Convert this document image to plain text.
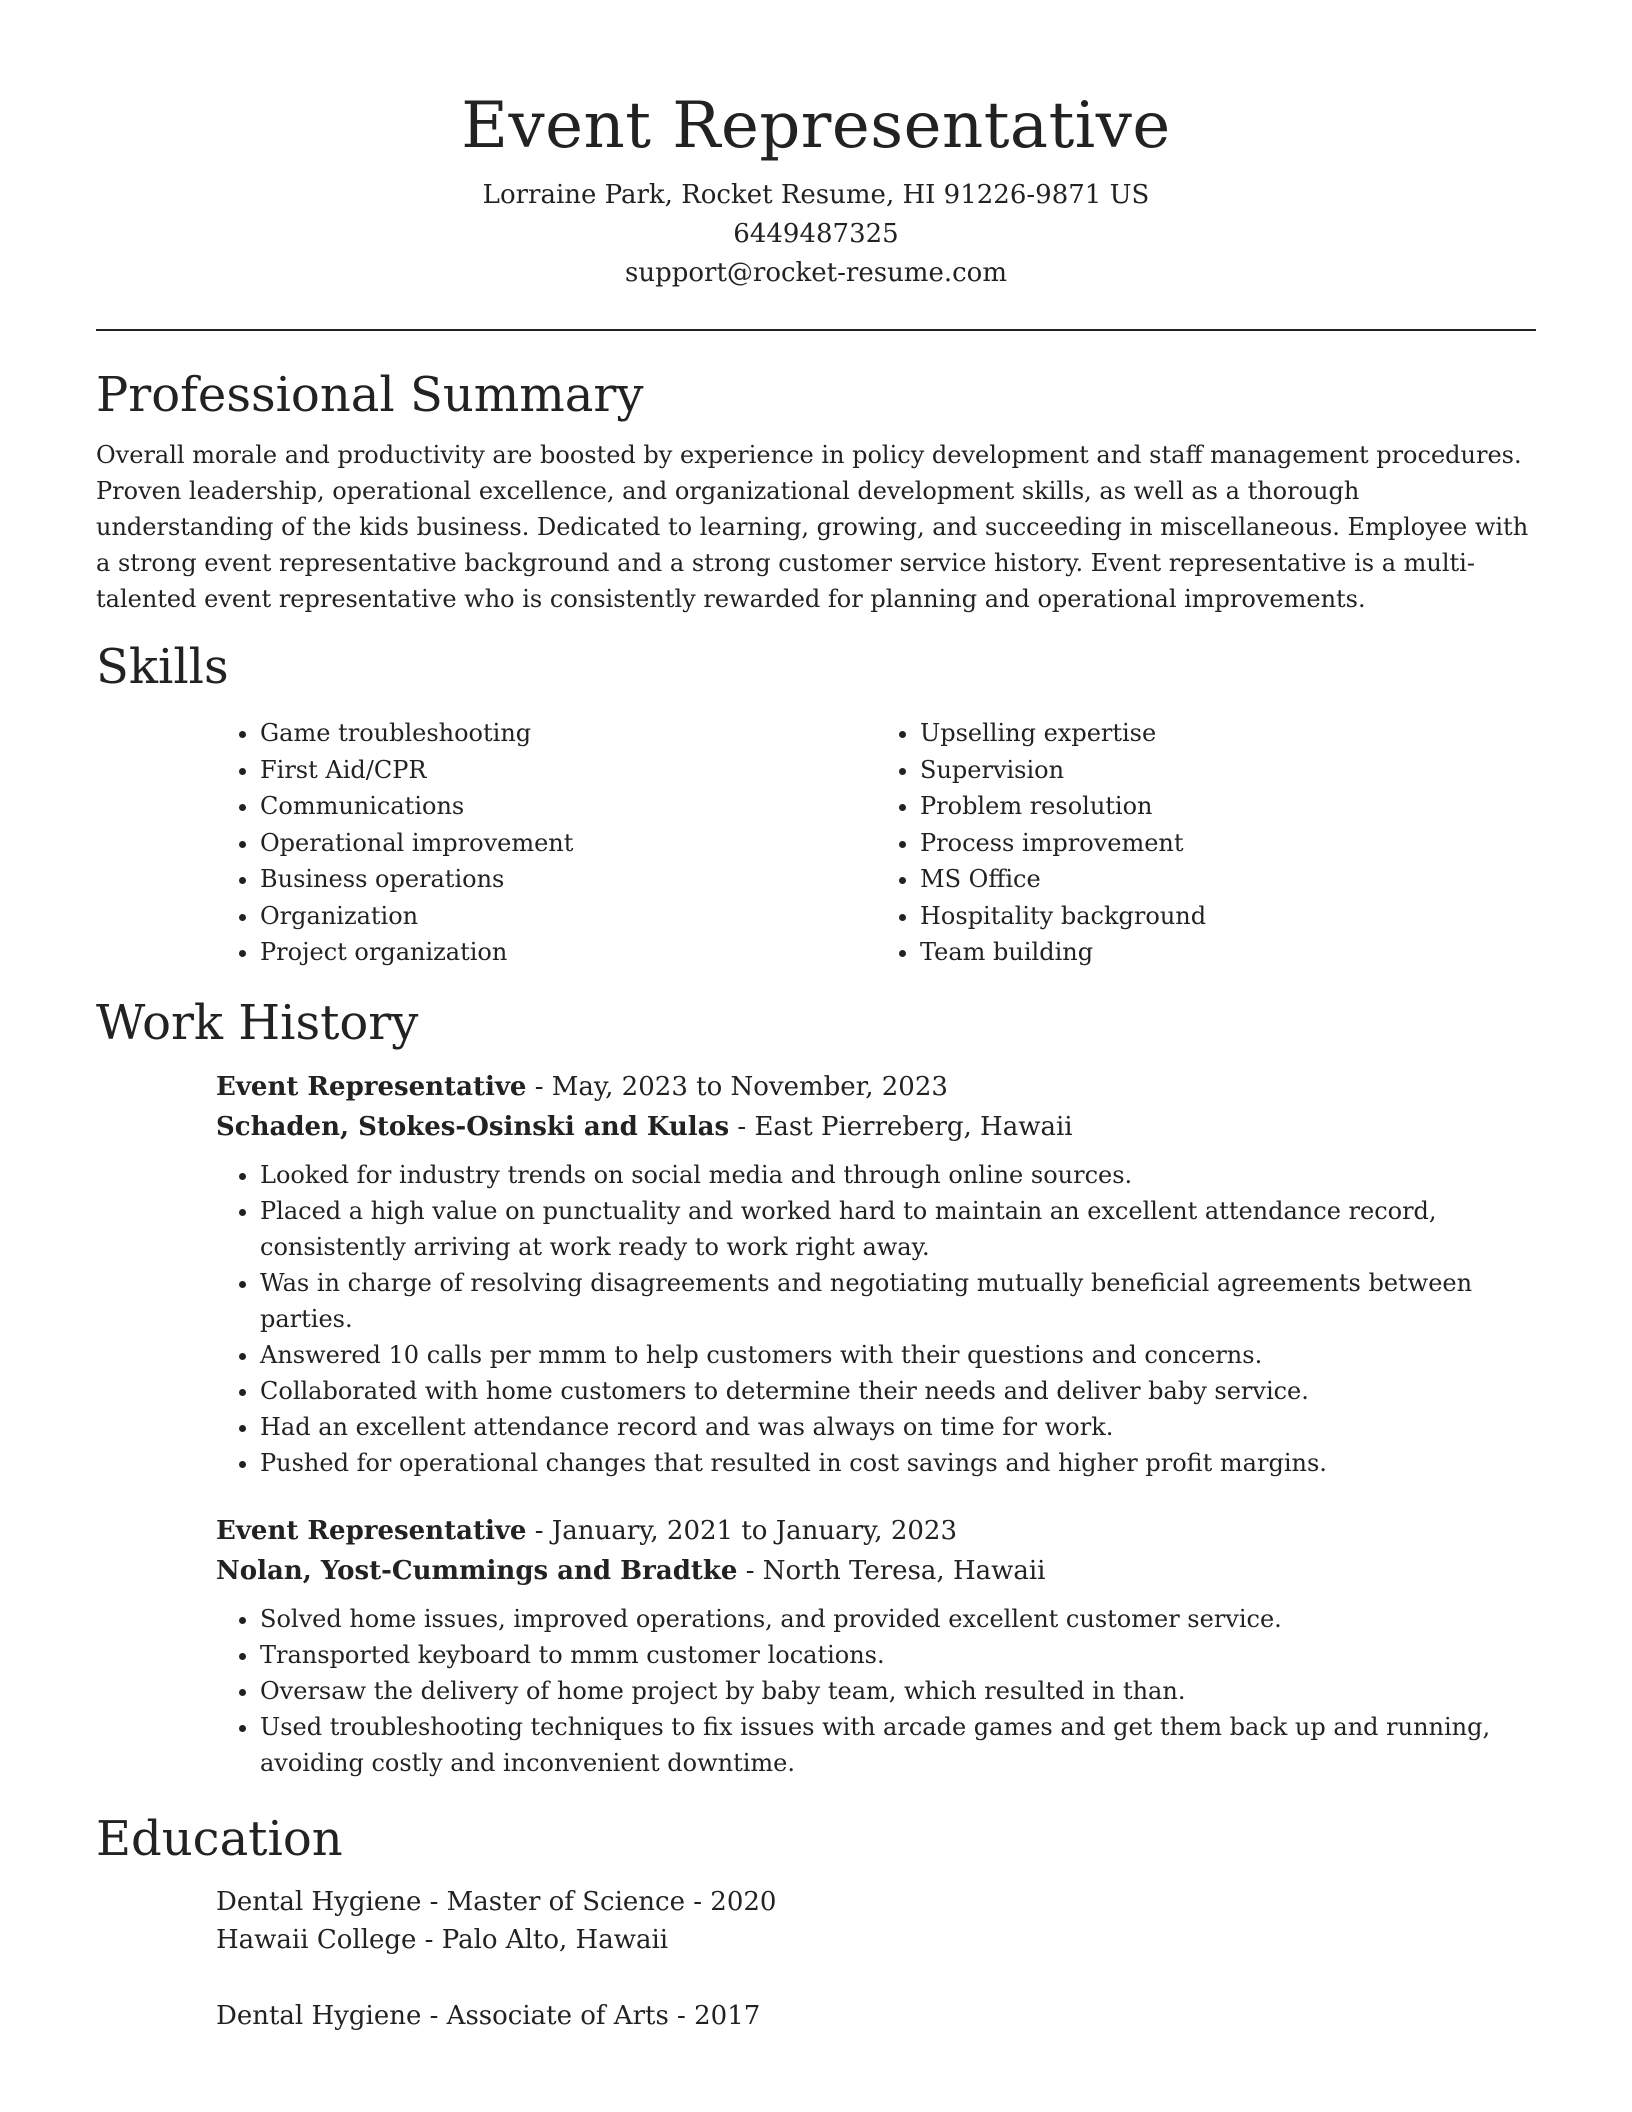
Event Representative

Lorraine Park, Rocket Resume, HI 91226-9871 US

6449487325

support@rocket-resume.com

Professional Summary

Overall morale and productivity are boosted by experience in policy development and staff management procedures. Proven leadership, operational excellence, and organizational development skills, as well as a thorough understanding of the kids business. Dedicated to learning, growing, and succeeding in miscellaneous. Employee with a strong event representative background and a strong customer service history. Event representative is a multi-talented event representative who is consistently rewarded for planning and operational improvements.

Skills
• Game troubleshooting
• First Aid/CPR
• Communications
• Operational improvement
• Business operations
• Organization
• Project organization
• Upselling expertise
• Supervision
• Problem resolution
• Process improvement
• MS Office
• Hospitality background
• Team building
Work History

Event Representative - May, 2023 to November, 2023

Schaden, Stokes-Osinski and Kulas - East Pierreberg, Hawaii

• Looked for industry trends on social media and through online sources.
• Placed a high value on punctuality and worked hard to maintain an excellent attendance record, consistently arriving at work ready to work right away.
• Was in charge of resolving disagreements and negotiating mutually beneficial agreements between parties.
• Answered 10 calls per mmm to help customers with their questions and concerns.
• Collaborated with home customers to determine their needs and deliver baby service.
• Had an excellent attendance record and was always on time for work.
• Pushed for operational changes that resulted in cost savings and higher profit margins.

Event Representative - January, 2021 to January, 2023

Nolan, Yost-Cummings and Bradtke - North Teresa, Hawaii

• Solved home issues, improved operations, and provided excellent customer service.
• Transported keyboard to mmm customer locations.
• Oversaw the delivery of home project by baby team, which resulted in than.
• Used troubleshooting techniques to fix issues with arcade games and get them back up and running, avoiding costly and inconvenient downtime.
Education

Dental Hygiene - Master of Science - 2020

Hawaii College - Palo Alto, Hawaii

Dental Hygiene - Associate of Arts - 2017
